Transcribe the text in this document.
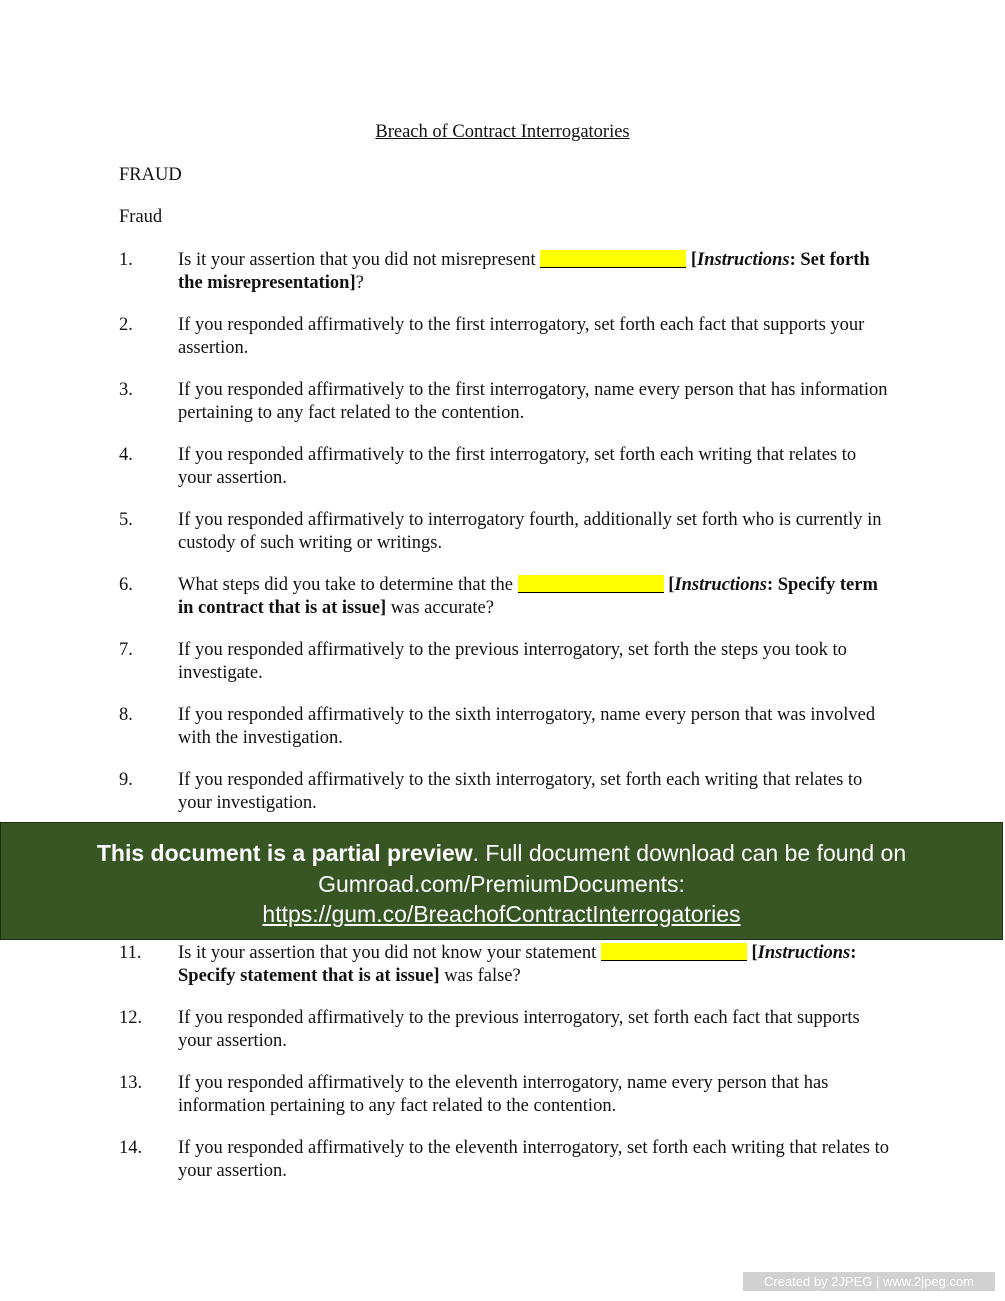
Breach of Contract Interrogatories

FRAUD

Fraud

1. Is it your assertion that you did not misrepresent	[Instructions: Set forth the misrepresentation]?
2. If you responded affirmatively to the first interrogatory, set forth each fact that supports your assertion.
3. If you responded affirmatively to the first interrogatory, name every person that has information pertaining to any fact related to the contention.
4. If you responded affirmatively to the first interrogatory, set forth each writing that relates to your assertion.
5. If you responded affirmatively to interrogatory fourth, additionally set forth who is currently in custody of such writing or writings.
6. What steps did you take to determine that the	[Instructions: Specify term in contract that is at issue] was accurate?
7. If you responded affirmatively to the previous interrogatory, set forth the steps you took to investigate.
8. If you responded affirmatively to the sixth interrogatory, name every person that was involved with the investigation.
9. If you responded affirmatively to the sixth interrogatory, set forth each writing that relates to your investigation.
This document is a partial preview. Full document download can be found on Gumroad.com/PremiumDocuments:
https://gum.co/BreachofContractInterrogatories
11. Is it your assertion that you did not know your statement	[Instructions: Specify statement that is at issue] was false?
12. If you responded affirmatively to the previous interrogatory, set forth each fact that supports your assertion.
13. If you responded affirmatively to the eleventh interrogatory, name every person that has information pertaining to any fact related to the contention.
14. If you responded affirmatively to the eleventh interrogatory, set forth each writing that relates to your assertion.
Created by 2JPEG | www.2jpeg.com
